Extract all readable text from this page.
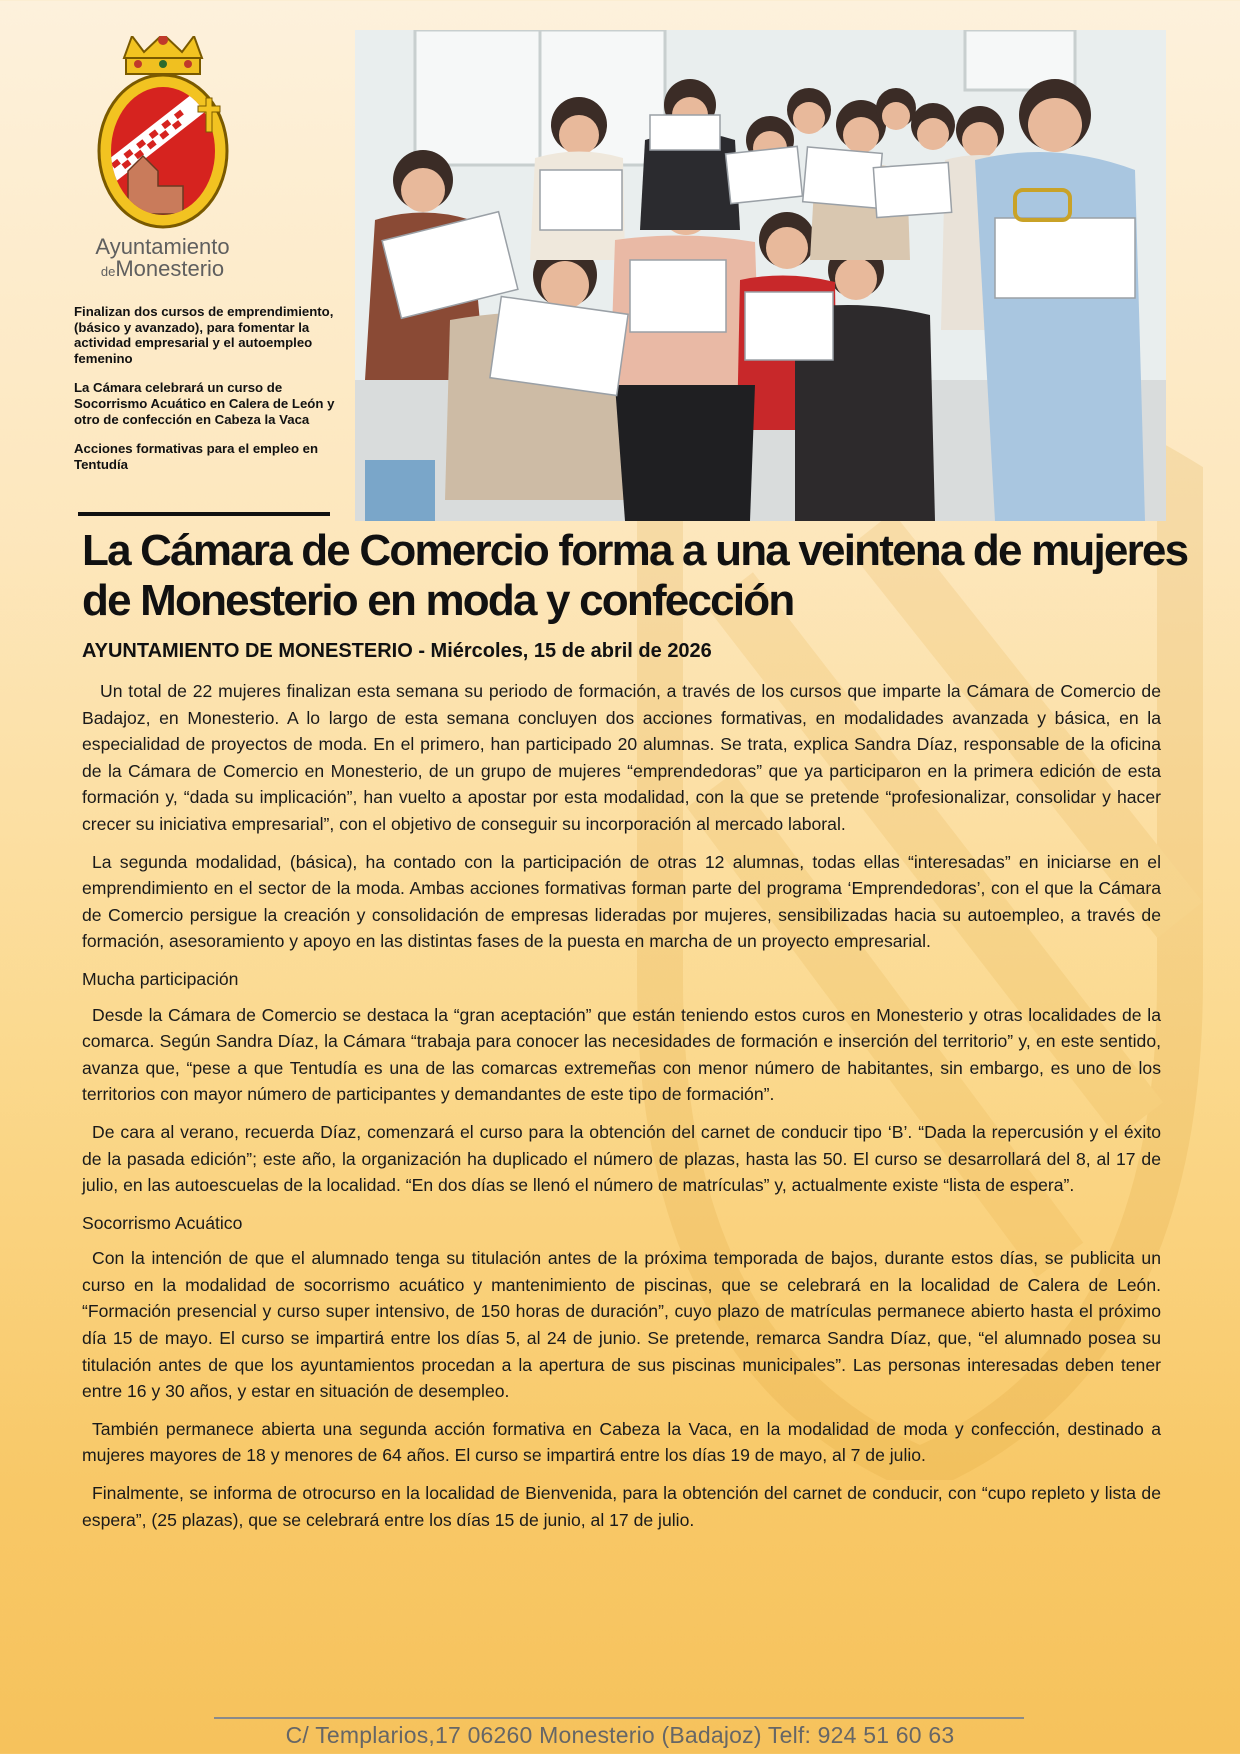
Ayuntamiento
deMonesterio
Finalizan dos cursos de emprendimiento, (básico y avanzado), para fomentar la actividad empresarial y el autoempleo femenino
La Cámara celebrará un curso de Socorrismo Acuático en Calera de León y otro de confección en Cabeza la Vaca
Acciones formativas para el empleo en Tentudía
La Cámara de Comercio forma a una veintena de mujeres de Monesterio en moda y confección

AYUNTAMIENTO DE MONESTERIO - Miércoles, 15 de abril de 2026

Un total de 22 mujeres finalizan esta semana su periodo de formación, a través de los cursos que imparte la Cámara de Comercio de Badajoz, en Monesterio. A lo largo de esta semana concluyen dos acciones formativas, en modalidades avanzada y básica, en la especialidad de proyectos de moda. En el primero, han participado 20 alumnas. Se trata, explica Sandra Díaz, responsable de la oficina de la Cámara de Comercio en Monesterio, de un grupo de mujeres “emprendedoras” que ya participaron en la primera edición de esta formación y, “dada su implicación”, han vuelto a apostar por esta modalidad, con la que se pretende “profesionalizar, consolidar y hacer crecer su iniciativa empresarial”, con el objetivo de conseguir su incorporación al mercado laboral.

La segunda modalidad, (básica), ha contado con la participación de otras 12 alumnas, todas ellas “interesadas” en iniciarse en el emprendimiento en el sector de la moda. Ambas acciones formativas forman parte del programa ‘Emprendedoras’, con el que la Cámara de Comercio persigue la creación y consolidación de empresas lideradas por mujeres, sensibilizadas hacia su autoempleo, a través de formación, asesoramiento y apoyo en las distintas fases de la puesta en marcha de un proyecto empresarial.

Mucha participación

Desde la Cámara de Comercio se destaca la “gran aceptación” que están teniendo estos curos en Monesterio y otras localidades de la comarca. Según Sandra Díaz, la Cámara “trabaja para conocer las necesidades de formación e inserción del territorio” y, en este sentido, avanza que, “pese a que Tentudía es una de las comarcas extremeñas con menor número de habitantes, sin embargo, es uno de los territorios con mayor número de participantes y demandantes de este tipo de formación”.

De cara al verano, recuerda Díaz, comenzará el curso para la obtención del carnet de conducir tipo ‘B’. “Dada la repercusión y el éxito de la pasada edición”; este año, la organización ha duplicado el número de plazas, hasta las 50. El curso se desarrollará del 8, al 17 de julio, en las autoescuelas de la localidad. “En dos días se llenó el número de matrículas” y, actualmente existe “lista de espera”.

Socorrismo Acuático

Con la intención de que el alumnado tenga su titulación antes de la próxima temporada de bajos, durante estos días, se publicita un curso en la modalidad de socorrismo acuático y mantenimiento de piscinas, que se celebrará en la localidad de Calera de León. “Formación presencial y curso super intensivo, de 150 horas de duración”, cuyo plazo de matrículas permanece abierto hasta el próximo día 15 de mayo. El curso se impartirá entre los días 5, al 24 de junio. Se pretende, remarca Sandra Díaz, que, “el alumnado posea su titulación antes de que los ayuntamientos procedan a la apertura de sus piscinas municipales”. Las personas interesadas deben tener entre 16 y 30 años, y estar en situación de desempleo.

También permanece abierta una segunda acción formativa en Cabeza la Vaca, en la modalidad de moda y confección, destinado a mujeres mayores de 18 y menores de 64 años. El curso se impartirá entre los días 19 de mayo, al 7 de julio.

Finalmente, se informa de otrocurso en la localidad de Bienvenida, para la obtención del carnet de conducir, con “cupo repleto y lista de espera”, (25 plazas), que se celebrará entre los días 15 de junio, al 17 de julio.

C/ Templarios,17 06260 Monesterio (Badajoz) Telf: 924 51 60 63
